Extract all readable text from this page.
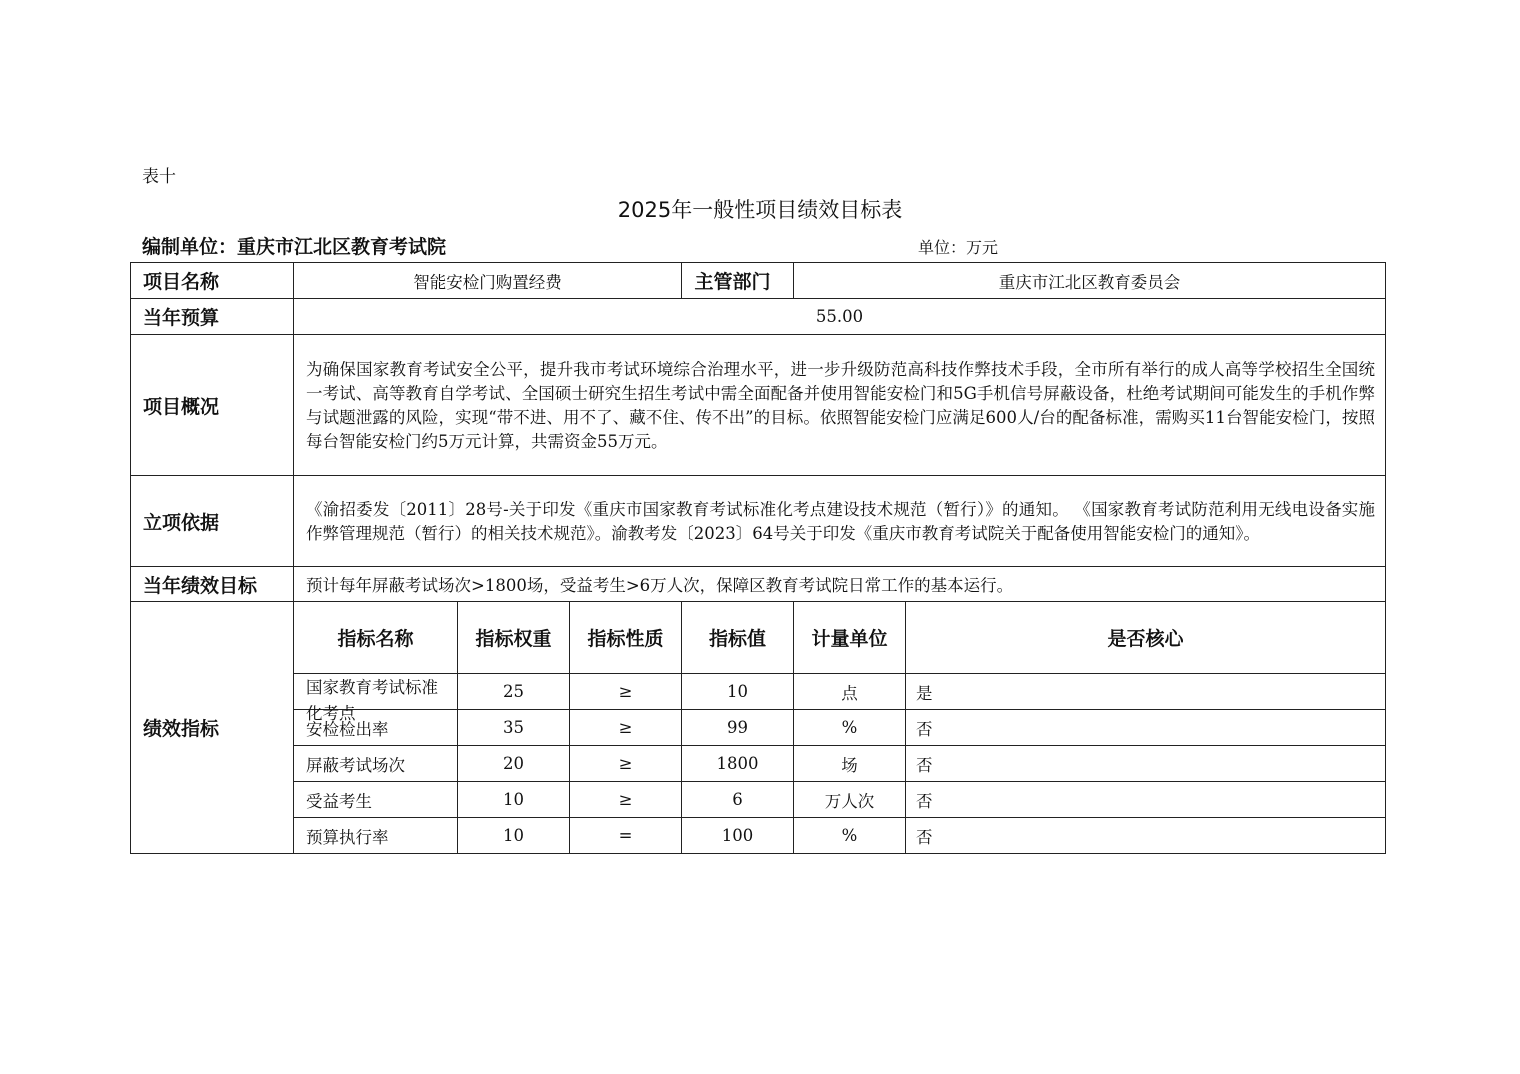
表十
2025年一般性项目绩效目标表
编制单位：重庆市江北区教育考试院	单位：万元
项目名称	智能安检门购置经费			主管部门	重庆市江北区教育委员会	
当年预算	55.00					
项目概况	为确保国家教育考试安全公平，提升我市考试环境综合治理水平，进一步升级防范高科技作弊技术手段，全市所有举行的成人高等学校招生全国统一考试、高等教育自学考试、全国硕士研究生招生考试中需全面配备并使用智能安检门和5G手机信号屏蔽设备，杜绝考试期间可能发生的手机作弊与试题泄露的风险，实现“带不进、用不了、藏不住、传不出”的目标。依照智能安检门应满足600人/台的配备标准，需购买11台智能安检门，按照每台智能安检门约5万元计算，共需资金55万元。					
立项依据	《渝招委发〔2011〕28号-关于印发《重庆市国家教育考试标准化考点建设技术规范（暂行）》的通知。 《国家教育考试防范利用无线电设备实施作弊管理规范（暂行）的相关技术规范》。渝教考发〔2023〕64号关于印发《重庆市教育考试院关于配备使用智能安检门的通知》。					
当年绩效目标	预计每年屏蔽考试场次>1800场，受益考生>6万人次，保障区教育考试院日常工作的基本运行。					
绩效指标	指标名称	指标权重	指标性质	指标值	计量单位	是否核心

	国家教育考试标准化考点	25	≥	10	点	是
	安检检出率	35	≥	99	%	否
	屏蔽考试场次	20	≥	1800	场	否
	受益考生	10	≥	6	万人次	否
	预算执行率	10	=	100	%	否
